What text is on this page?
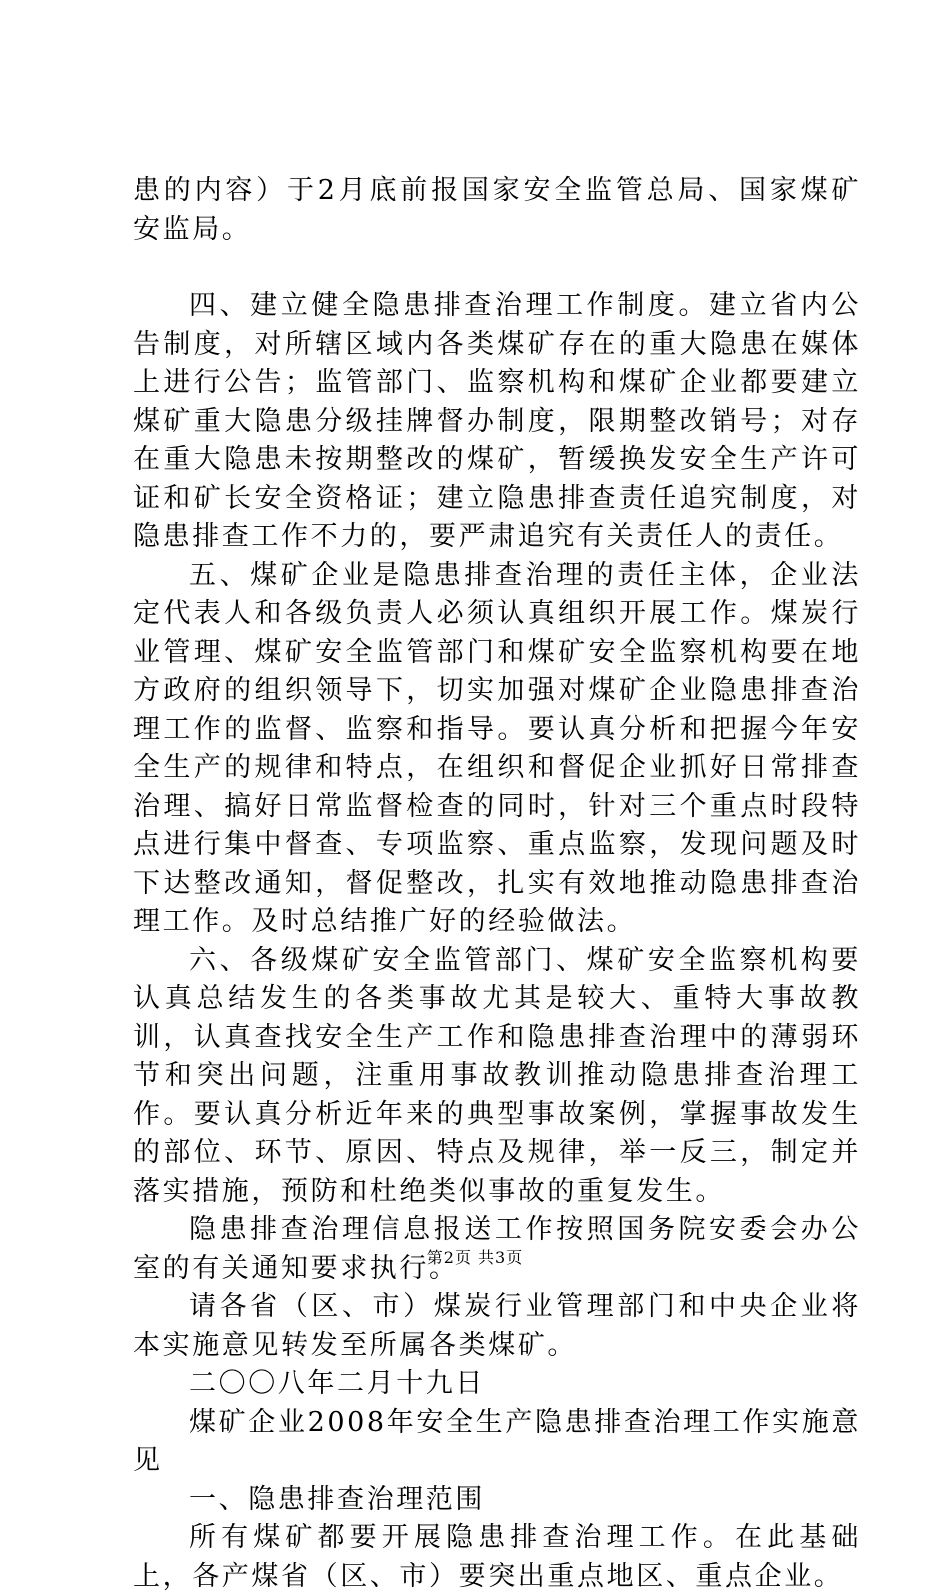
患的内容）于2月底前报国家安全监管总局、国家煤矿安监局。

四、建立健全隐患排查治理工作制度。建立省内公告制度，对所辖区域内各类煤矿存在的重大隐患在媒体上进行公告；监管部门、监察机构和煤矿企业都要建立煤矿重大隐患分级挂牌督办制度，限期整改销号；对存在重大隐患未按期整改的煤矿，暂缓换发安全生产许可证和矿长安全资格证；建立隐患排查责任追究制度，对隐患排查工作不力的，要严肃追究有关责任人的责任。

五、煤矿企业是隐患排查治理的责任主体，企业法定代表人和各级负责人必须认真组织开展工作。煤炭行业管理、煤矿安全监管部门和煤矿安全监察机构要在地方政府的组织领导下，切实加强对煤矿企业隐患排查治理工作的监督、监察和指导。要认真分析和把握今年安全生产的规律和特点，在组织和督促企业抓好日常排查治理、搞好日常监督检查的同时，针对三个重点时段特点进行集中督查、专项监察、重点监察，发现问题及时下达整改通知，督促整改，扎实有效地推动隐患排查治理工作。及时总结推广好的经验做法。

六、各级煤矿安全监管部门、煤矿安全监察机构要认真总结发生的各类事故尤其是较大、重特大事故教训，认真查找安全生产工作和隐患排查治理中的薄弱环节和突出问题，注重用事故教训推动隐患排查治理工作。要认真分析近年来的典型事故案例，掌握事故发生的部位、环节、原因、特点及规律，举一反三，制定并落实措施，预防和杜绝类似事故的重复发生。

隐患排查治理信息报送工作按照国务院安委会办公室的有关通知要求执行。

请各省（区、市）煤炭行业管理部门和中央企业将本实施意见转发至所属各类煤矿。

二〇〇八年二月十九日

煤矿企业2008年安全生产隐患排查治理工作实施意见

一、隐患排查治理范围

所有煤矿都要开展隐患排查治理工作。在此基础上，各产煤省（区、市）要突出重点地区、重点企业。

第2页 共3页
